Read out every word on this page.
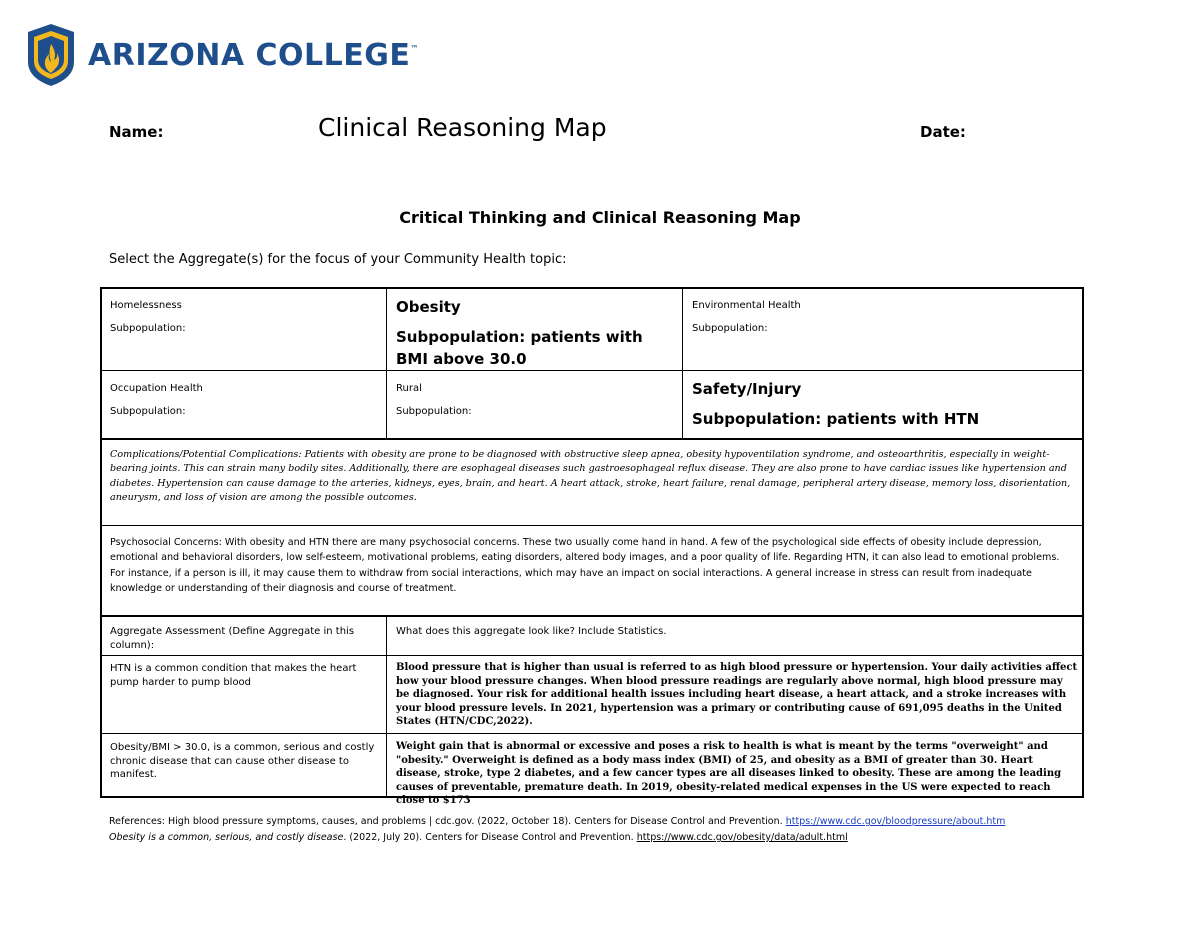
ARIZONA COLLEGE™
Name:	Clinical Reasoning Map	Date:
Critical Thinking and Clinical Reasoning Map
Select the Aggregate(s) for the focus of your Community Health topic:
Homelessness
Subpopulation:
Obesity
Subpopulation: patients with BMI above 30.0
Environmental Health
Subpopulation:
Occupation Health
Subpopulation:
Rural
Subpopulation:
Safety/Injury
Subpopulation: patients with HTN
Complications/Potential Complications: Patients with obesity are prone to be diagnosed with obstructive sleep apnea, obesity hypoventilation syndrome, and osteoarthritis, especially in weight-bearing joints. This can strain many bodily sites. Additionally, there are esophageal diseases such gastroesophageal reflux disease. They are also prone to have cardiac issues like hypertension and diabetes. Hypertension can cause damage to the arteries, kidneys, eyes, brain, and heart. A heart attack, stroke, heart failure, renal damage, peripheral artery disease, memory loss, disorientation, aneurysm, and loss of vision are among the possible outcomes.
Psychosocial Concerns: With obesity and HTN there are many psychosocial concerns. These two usually come hand in hand. A few of the psychological side effects of obesity include depression, emotional and behavioral disorders, low self-esteem, motivational problems, eating disorders, altered body images, and a poor quality of life. Regarding HTN, it can also lead to emotional problems. For instance, if a person is ill, it may cause them to withdraw from social interactions, which may have an impact on social interactions. A general increase in stress can result from inadequate knowledge or understanding of their diagnosis and course of treatment.
Aggregate Assessment (Define Aggregate in this column):
What does this aggregate look like? Include Statistics.
HTN is a common condition that makes the heart pump harder to pump blood
Blood pressure that is higher than usual is referred to as high blood pressure or hypertension. Your daily activities affect how your blood pressure changes. When blood pressure readings are regularly above normal, high blood pressure may be diagnosed. Your risk for additional health issues including heart disease, a heart attack, and a stroke increases with your blood pressure levels. In 2021, hypertension was a primary or contributing cause of 691,095 deaths in the United States (HTN/CDC,2022).
Obesity/BMI > 30.0, is a common, serious and costly chronic disease that can cause other disease to manifest.
Weight gain that is abnormal or excessive and poses a risk to health is what is meant by the terms "overweight" and "obesity." Overweight is defined as a body mass index (BMI) of 25, and obesity as a BMI of greater than 30. Heart disease, stroke, type 2 diabetes, and a few cancer types are all diseases linked to obesity. These are among the leading causes of preventable, premature death. In 2019, obesity-related medical expenses in the US were expected to reach close to $173
References: High blood pressure symptoms, causes, and problems | cdc.gov. (2022, October 18). Centers for Disease Control and Prevention. https://www.cdc.gov/bloodpressure/about.htm
Obesity is a common, serious, and costly disease. (2022, July 20). Centers for Disease Control and Prevention. https://www.cdc.gov/obesity/data/adult.html
